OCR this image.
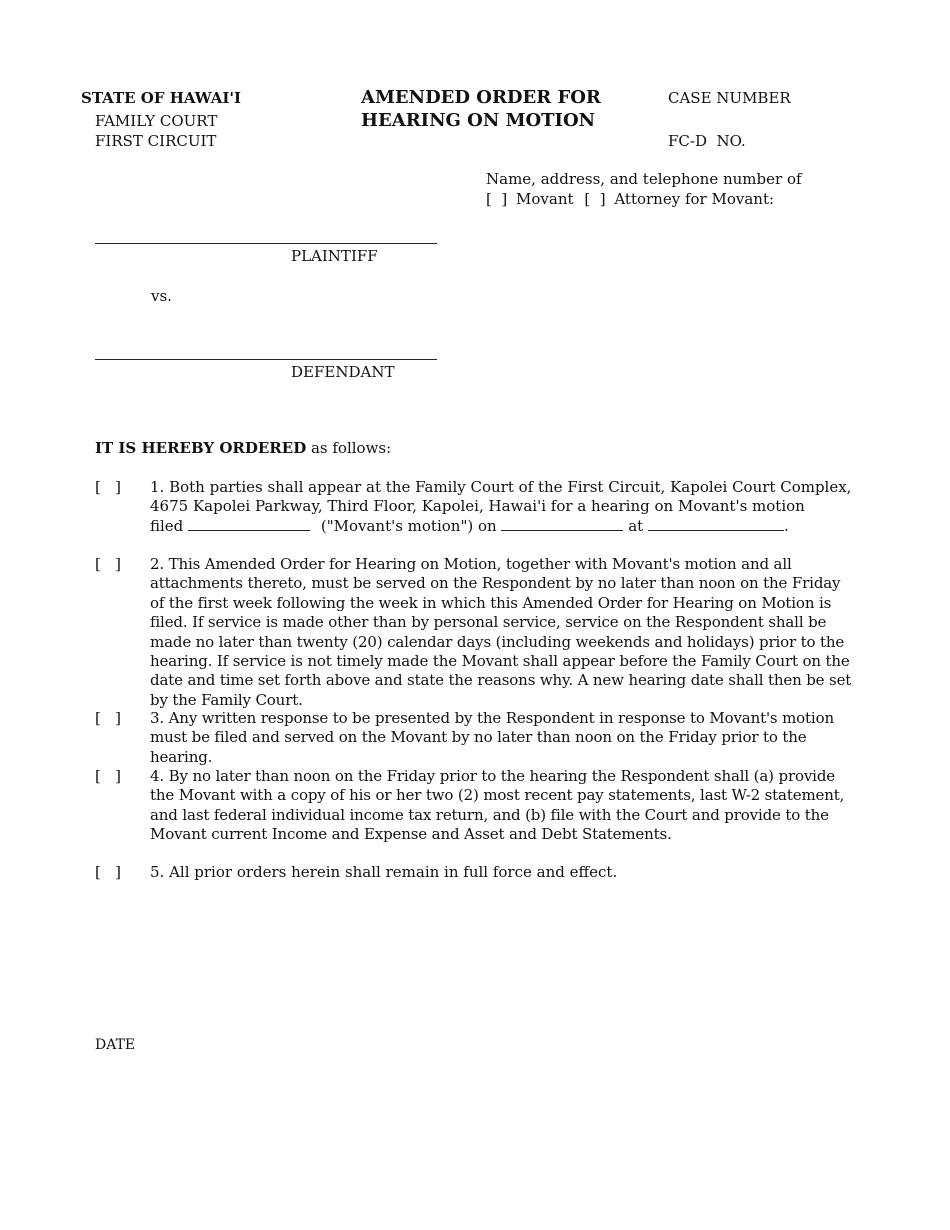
STATE OF HAWAI'I
FAMILY COURT
FIRST CIRCUIT
AMENDED ORDER FOR
HEARING ON MOTION
CASE NUMBER
FC-D  NO.
Name, address, and telephone number of
[  ] Movant [  ] Attorney for Movant:
PLAINTIFF
vs.
DEFENDANT
IT IS HEREBY ORDERED as follows:
[   ] 1. Both parties shall appear at the Family Court of the First Circuit, Kapolei Court Complex,
4675 Kapolei Parkway, Third Floor, Kapolei, Hawai'i for a hearing on Movant's motion
filed	("Movant's motion") on	at	.
[   ] 2. This Amended Order for Hearing on Motion, together with Movant's motion and all attachments thereto, must be served on the Respondent by no later than noon on the Friday of the first week following the week in which this Amended Order for Hearing on Motion is filed. If service is made other than by personal service, service on the Respondent shall be made no later than twenty (20) calendar days (including weekends and holidays) prior to the hearing. If service is not timely made the Movant shall appear before the Family Court on the date and time set forth above and state the reasons why. A new hearing date shall then be set by the Family Court.
[   ] 3. Any written response to be presented by the Respondent in response to Movant's motion must be filed and served on the Movant by no later than noon on the Friday prior to the hearing.
[   ] 4. By no later than noon on the Friday prior to the hearing the Respondent shall (a) provide the Movant with a copy of his or her two (2) most recent pay statements, last W-2 statement, and last federal individual income tax return, and (b) file with the Court and provide to the Movant current Income and Expense and Asset and Debt Statements.
[   ] 5. All prior orders herein shall remain in full force and effect.
DATE
